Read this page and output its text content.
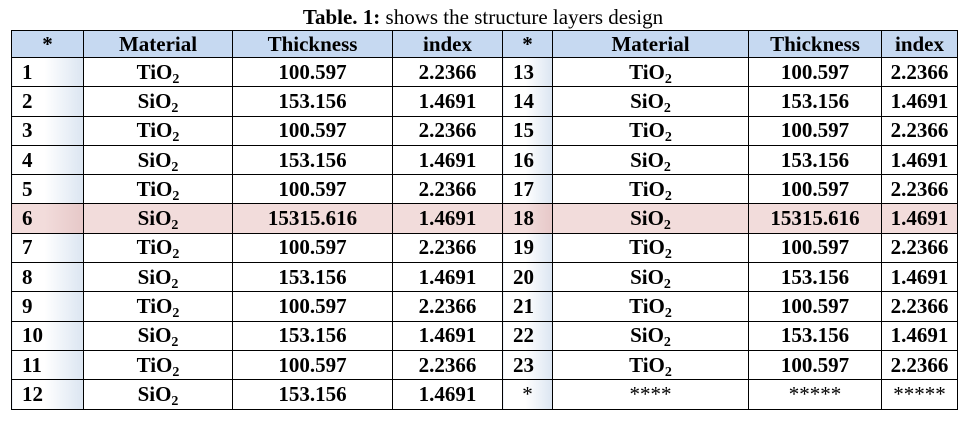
Table. 1: shows the structure layers design
*	Material	Thickness	index	*	Material	Thickness	index
1	TiO$_2$	100.597	2.2366	13	TiO$_2$	100.597	2.2366
2	SiO$_2$	153.156	1.4691	14	SiO$_2$	153.156	1.4691
3	TiO$_2$	100.597	2.2366	15	TiO$_2$	100.597	2.2366
4	SiO$_2$	153.156	1.4691	16	SiO$_2$	153.156	1.4691
5	TiO$_2$	100.597	2.2366	17	TiO$_2$	100.597	2.2366
6	SiO$_2$	15315.616	1.4691	18	SiO$_2$	15315.616	1.4691
7	TiO$_2$	100.597	2.2366	19	TiO$_2$	100.597	2.2366
8	SiO$_2$	153.156	1.4691	20	SiO$_2$	153.156	1.4691
9	TiO$_2$	100.597	2.2366	21	TiO$_2$	100.597	2.2366
10	SiO$_2$	153.156	1.4691	22	SiO$_2$	153.156	1.4691
11	TiO$_2$	100.597	2.2366	23	TiO$_2$	100.597	2.2366
12	SiO$_2$	153.156	1.4691	*	****	*****	*****
